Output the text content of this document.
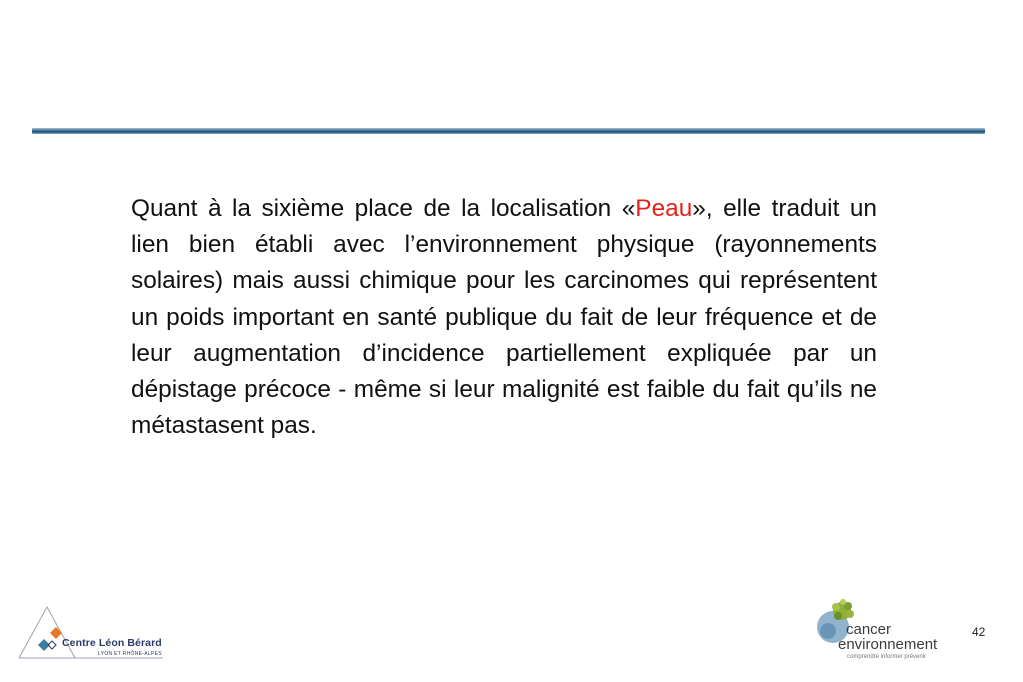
Quant à la sixième place de la localisation «Peau», elle traduit un lien bien établi avec l’environnement physique (rayonnements solaires) mais aussi chimique pour les carcinomes qui représentent un poids important en santé publique du fait de leur fréquence et de leur augmentation d’incidence partiellement expliquée par un dépistage précoce - même si leur malignité est faible du fait qu’ils ne métastasent pas.

Centre Léon Bérard
LYON ET RHÔNE-ALPES
cancer
environnement
comprendre informer prévenir
42
